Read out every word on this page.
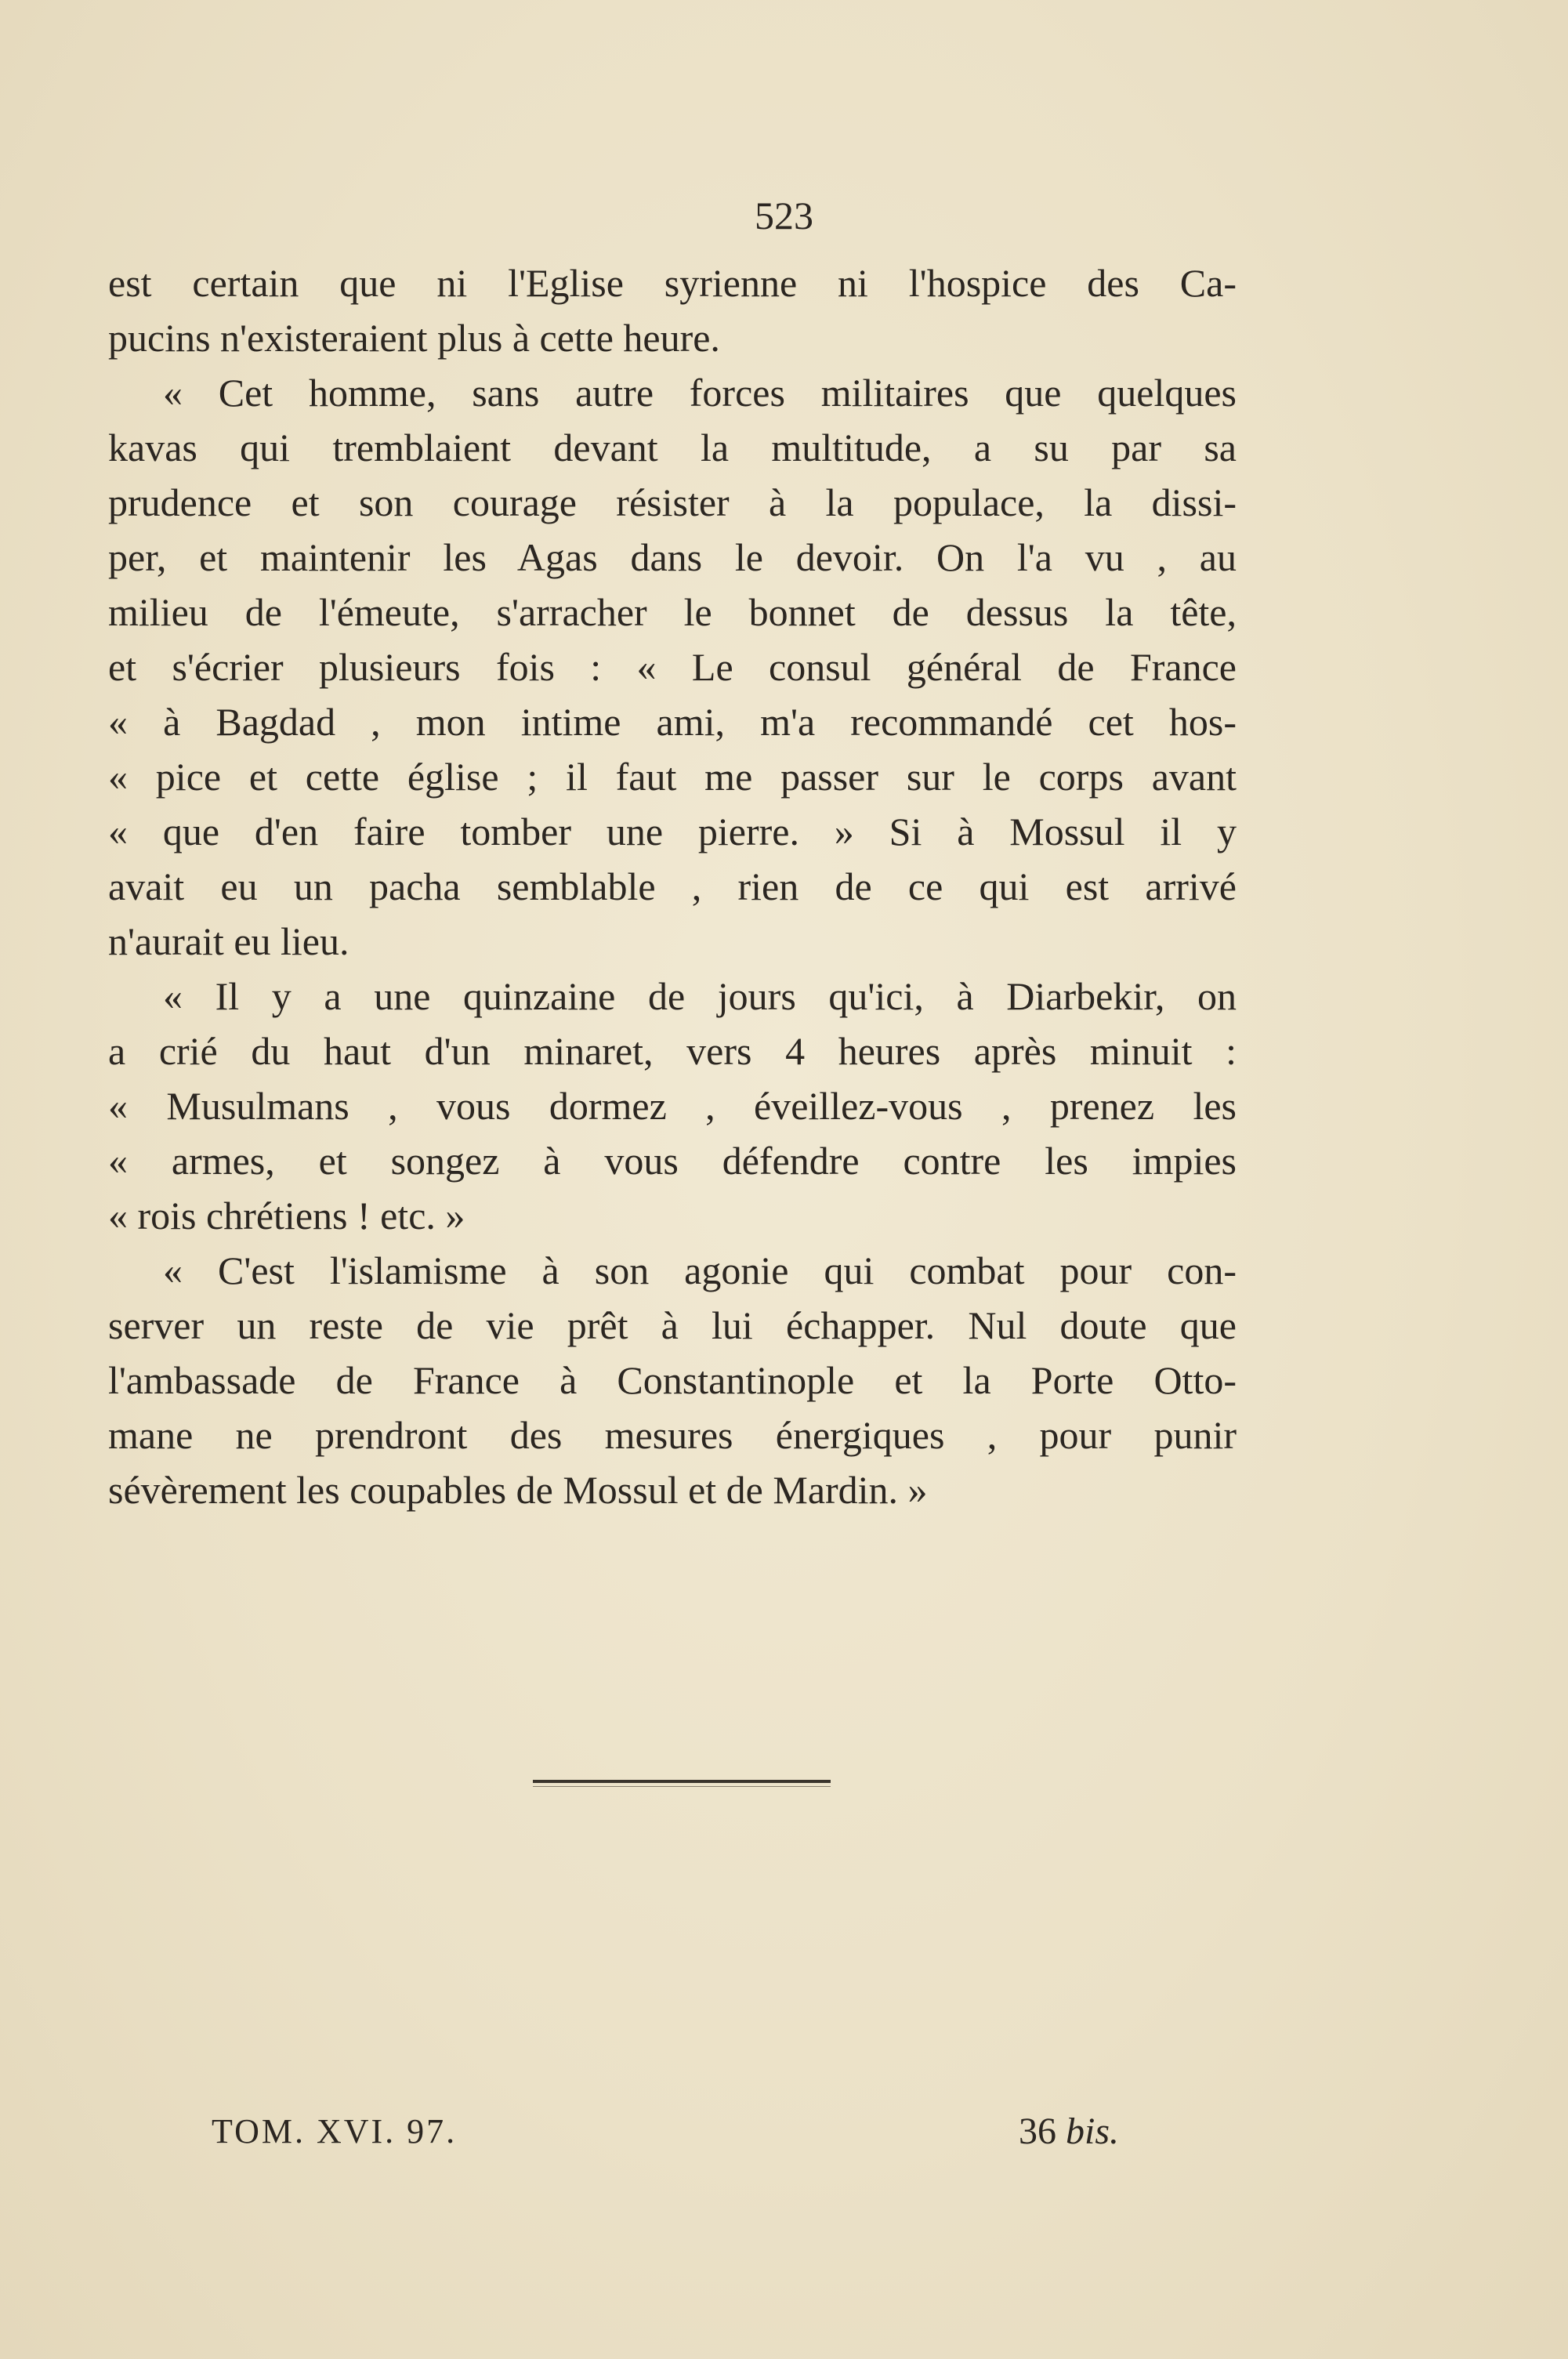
523
est certain que ni l'Eglise syrienne ni l'hospice des Ca-
pucins n'existeraient plus à cette heure.
« Cet homme, sans autre forces militaires que quelques
kavas qui tremblaient devant la multitude, a su par sa
prudence et son courage résister à la populace, la dissi-
per, et maintenir les Agas dans le devoir. On l'a vu , au
milieu de l'émeute, s'arracher le bonnet de dessus la tête,
et s'écrier plusieurs fois : « Le consul général de France
« à Bagdad , mon intime ami, m'a recommandé cet hos-
« pice et cette église ; il faut me passer sur le corps avant
« que d'en faire tomber une pierre. » Si à Mossul il y
avait eu un pacha semblable , rien de ce qui est arrivé
n'aurait eu lieu.
« Il y a une quinzaine de jours qu'ici, à Diarbekir, on
a crié du haut d'un minaret, vers 4 heures après minuit :
« Musulmans , vous dormez , éveillez-vous , prenez les
« armes, et songez à vous défendre contre les impies
« rois chrétiens ! etc. »
« C'est l'islamisme à son agonie qui combat pour con-
server un reste de vie prêt à lui échapper. Nul doute que
l'ambassade de France à Constantinople et la Porte Otto-
mane ne prendront des mesures énergiques , pour punir
sévèrement les coupables de Mossul et de Mardin. »
TOM. XVI. 97.	36 bis.
